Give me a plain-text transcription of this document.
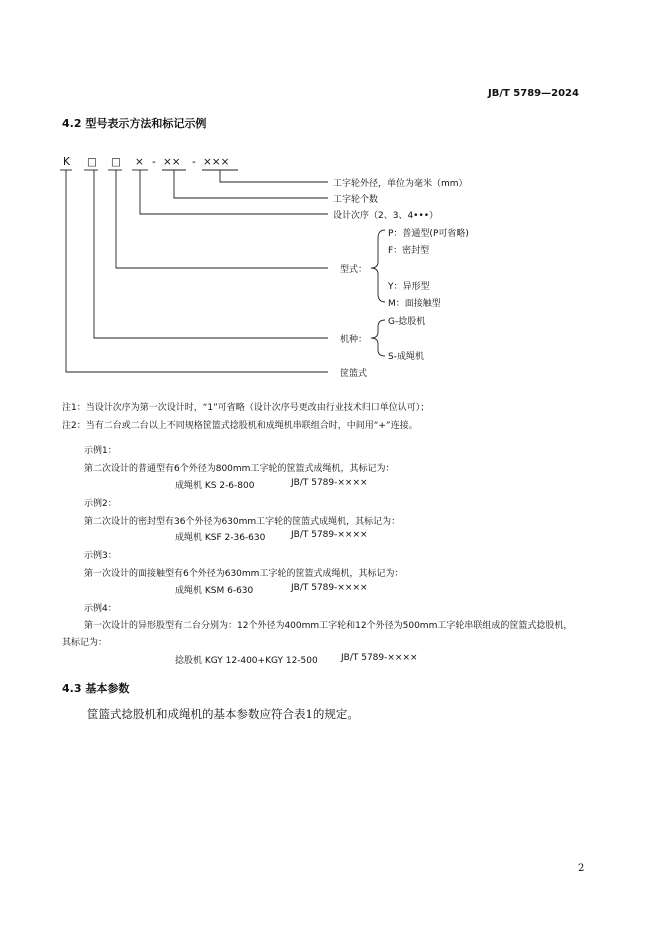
JB/T 5789—2024
4.2 型号表示方法和标记示例
K □ □ × - ×× - ×××
工字轮外径，单位为毫米（mm）
工字轮个数
设计次序（2、3、4•••）
P：普通型(P可省略)
F：密封型
型式：
Y：异形型
M：面接触型
G-捻股机
机种：
S-成绳机
筐篮式
注1：当设计次序为第一次设计时，“1”可省略（设计次序号更改由行业技术归口单位认可）；
注2：当有二台或二台以上不同规格筐篮式捻股机和成绳机串联组合时，中间用“+”连接。
示例1：
第二次设计的普通型有6个外径为800mm工字轮的筐篮式成绳机，其标记为：
成绳机 KS 2-6-800	JB/T 5789-××××
示例2：
第二次设计的密封型有36个外径为630mm工字轮的筐篮式成绳机，其标记为：
成绳机 KSF 2-36-630	JB/T 5789-××××
示例3：
第一次设计的面接触型有6个外径为630mm工字轮的筐篮式成绳机，其标记为：
成绳机 KSM 6-630	JB/T 5789-××××
示例4：
第一次设计的异形股型有二台分别为：12个外径为400mm工字轮和12个外径为500mm工字轮串联组成的筐篮式捻股机，
其标记为：
捻股机 KGY 12-400+KGY 12-500	JB/T 5789-××××
4.3 基本参数
筐篮式捻股机和成绳机的基本参数应符合表1的规定。
2
